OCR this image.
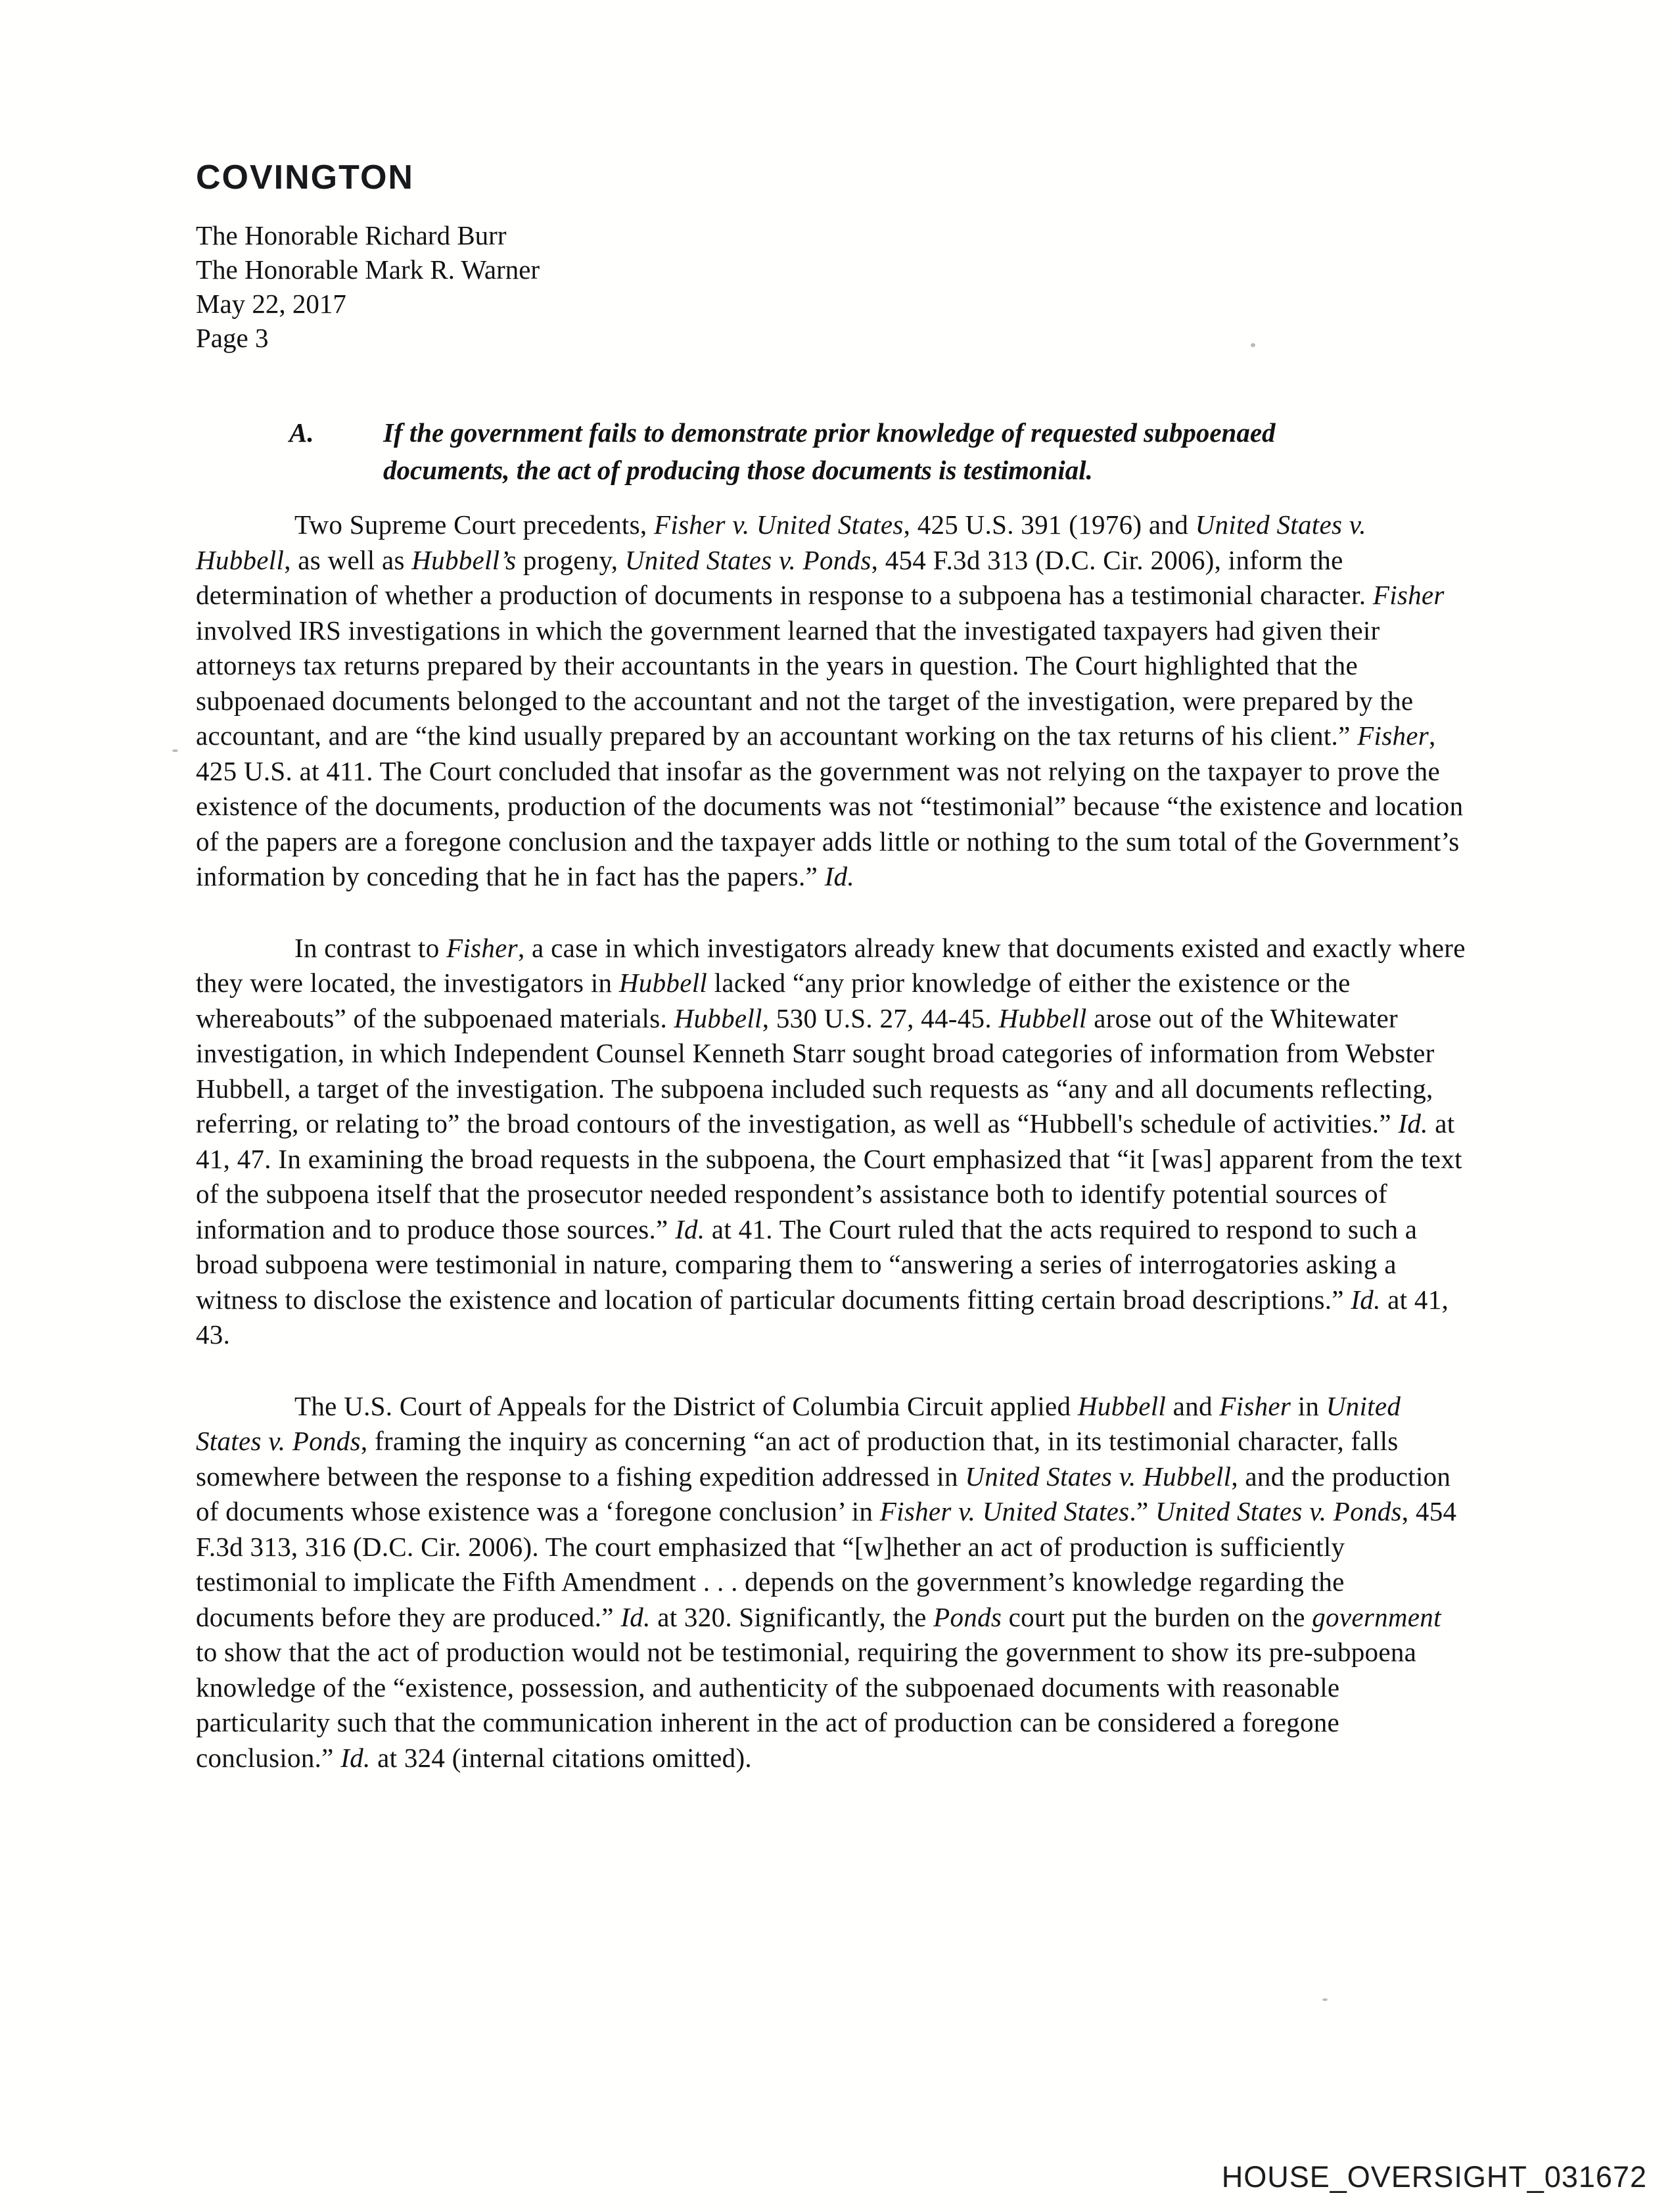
COVINGTON
The Honorable Richard Burr
The Honorable Mark R. Warner
May 22, 2017
Page 3
A.	If the government fails to demonstrate prior knowledge of requested subpoenaed documents, the act of producing those documents is testimonial.

Two Supreme Court precedents, Fisher v. United States, 425 U.S. 391 (1976) and United States v. Hubbell, as well as Hubbell’s progeny, United States v. Ponds, 454 F.3d 313 (D.C. Cir. 2006), inform the determination of whether a production of documents in response to a subpoena has a testimonial character. Fisher involved IRS investigations in which the government learned that the investigated taxpayers had given their attorneys tax returns prepared by their accountants in the years in question. The Court highlighted that the subpoenaed documents belonged to the accountant and not the target of the investigation, were prepared by the accountant, and are “the kind usually prepared by an accountant working on the tax returns of his client.” Fisher, 425 U.S. at 411. The Court concluded that insofar as the government was not relying on the taxpayer to prove the existence of the documents, production of the documents was not “testimonial” because “the existence and location of the papers are a foregone conclusion and the taxpayer adds little or nothing to the sum total of the Government’s information by conceding that he in fact has the papers.” Id.

In contrast to Fisher, a case in which investigators already knew that documents existed and exactly where they were located, the investigators in Hubbell lacked “any prior knowledge of either the existence or the whereabouts” of the subpoenaed materials. Hubbell, 530 U.S. 27, 44-45. Hubbell arose out of the Whitewater investigation, in which Independent Counsel Kenneth Starr sought broad categories of information from Webster Hubbell, a target of the investigation. The subpoena included such requests as “any and all documents reflecting, referring, or relating to” the broad contours of the investigation, as well as “Hubbell's schedule of activities.” Id. at 41, 47. In examining the broad requests in the subpoena, the Court emphasized that “it [was] apparent from the text of the subpoena itself that the prosecutor needed respondent’s assistance both to identify potential sources of information and to produce those sources.” Id. at 41. The Court ruled that the acts required to respond to such a broad subpoena were testimonial in nature, comparing them to “answering a series of interrogatories asking a witness to disclose the existence and location of particular documents fitting certain broad descriptions.” Id. at 41, 43.

The U.S. Court of Appeals for the District of Columbia Circuit applied Hubbell and Fisher in United States v. Ponds, framing the inquiry as concerning “an act of production that, in its testimonial character, falls somewhere between the response to a fishing expedition addressed in United States v. Hubbell, and the production of documents whose existence was a ‘foregone conclusion’ in Fisher v. United States.” United States v. Ponds, 454 F.3d 313, 316 (D.C. Cir. 2006). The court emphasized that “[w]hether an act of production is sufficiently testimonial to implicate the Fifth Amendment . . . depends on the government’s knowledge regarding the documents before they are produced.” Id. at 320. Significantly, the Ponds court put the burden on the government to show that the act of production would not be testimonial, requiring the government to show its pre-subpoena knowledge of the “existence, possession, and authenticity of the subpoenaed documents with reasonable particularity such that the communication inherent in the act of production can be considered a foregone conclusion.” Id. at 324 (internal citations omitted).

HOUSE_OVERSIGHT_031672
